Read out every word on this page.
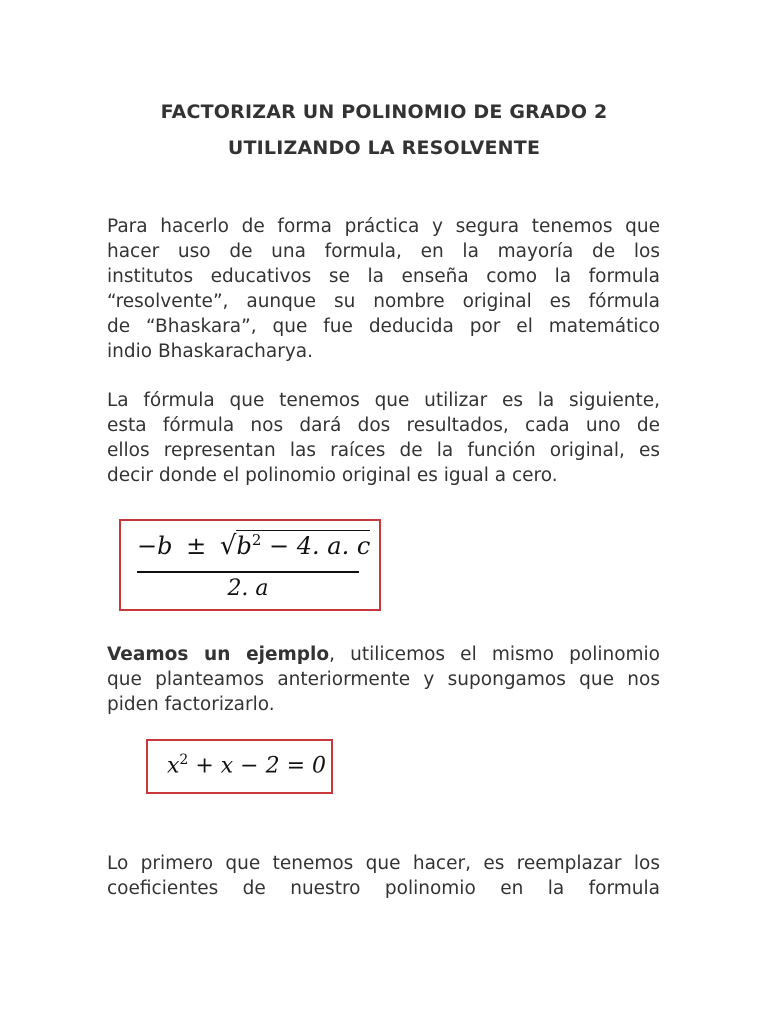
FACTORIZAR UN POLINOMIO DE GRADO 2
UTILIZANDO LA RESOLVENTE
Para hacerlo de forma práctica y segura tenemos que
hacer uso de una formula, en la mayoría de los
institutos educativos se la enseña como la formula
“resolvente”, aunque su nombre original es fórmula
de “Bhaskara”, que fue deducida por el matemático
indio Bhaskaracharya.
La fórmula que tenemos que utilizar es la siguiente,
esta fórmula nos dará dos resultados, cada uno de
ellos representan las raíces de la función original, es
decir donde el polinomio original es igual a cero.
$-b \pm √b^2 - 4$. a. c
2. a
Veamos un ejemplo, utilicemos el mismo polinomio
que planteamos anteriormente y supongamos que nos
piden factorizarlo.
$x^2 + x - 2 = 0$
Lo primero que tenemos que hacer, es reemplazar los
coeficientes de nuestro polinomio en la formula
